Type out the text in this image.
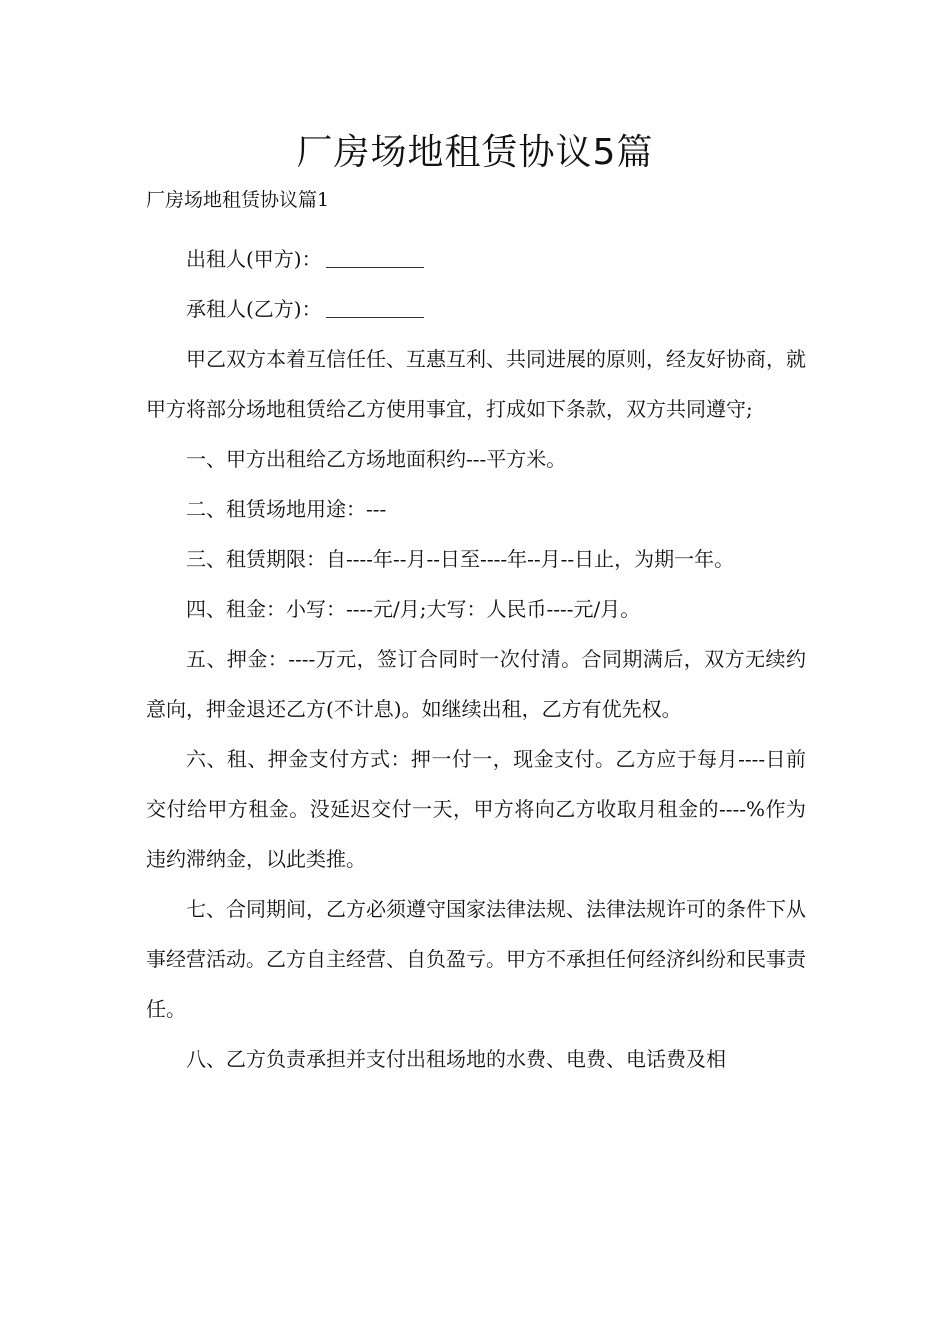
厂房场地租赁协议5篇

厂房场地租赁协议篇1

出租人(甲方)：

承租人(乙方)：

甲乙双方本着互信任任、互惠互利、共同进展的原则，经友好协商，就甲方将部分场地租赁给乙方使用事宜，打成如下条款，双方共同遵守;

一、甲方出租给乙方场地面积约---平方米。

二、租赁场地用途：---

三、租赁期限：自----年--月--日至----年--月--日止，为期一年。

四、租金：小写：----元/月;大写：人民币----元/月。

五、押金：----万元，签订合同时一次付清。合同期满后，双方无续约意向，押金退还乙方(不计息)。如继续出租，乙方有优先权。

六、租、押金支付方式：押一付一，现金支付。乙方应于每月----日前交付给甲方租金。没延迟交付一天，甲方将向乙方收取月租金的----%作为违约滞纳金，以此类推。

七、合同期间，乙方必须遵守国家法律法规、法律法规许可的条件下从事经营活动。乙方自主经营、自负盈亏。甲方不承担任何经济纠纷和民事责任。

八、乙方负责承担并支付出租场地的水费、电费、电话费及相
